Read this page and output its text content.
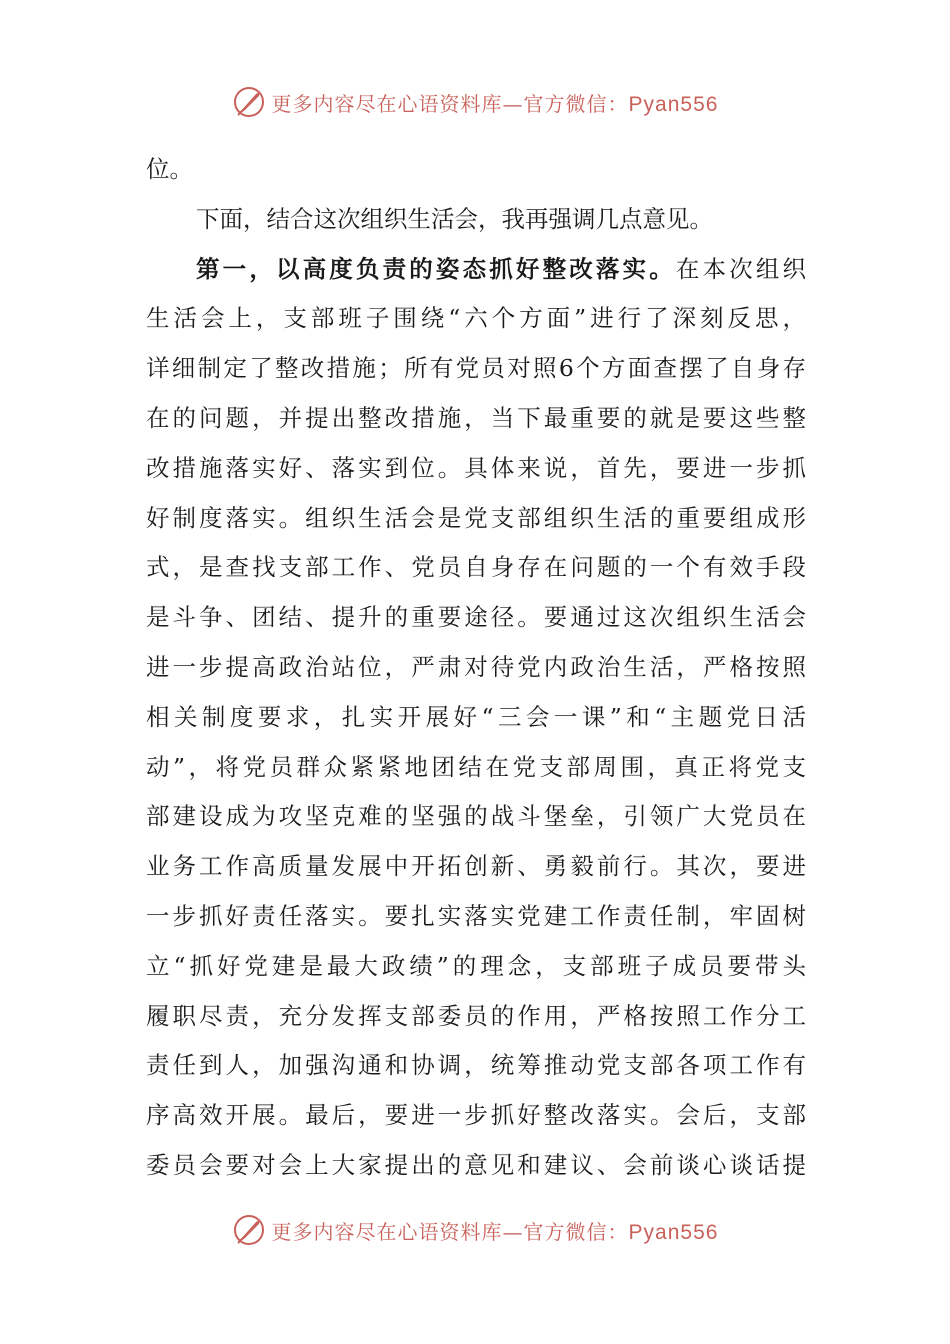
更多内容尽在心语资料库—官方微信：Pyan556
位。
下面，结合这次组织生活会，我再强调几点意见。
第一，以高度负责的姿态抓好整改落实。在本次组织
生活会上，支部班子围绕“六个方面”进行了深刻反思，
详细制定了整改措施；所有党员对照6个方面查摆了自身存
在的问题，并提出整改措施，当下最重要的就是要这些整
改措施落实好、落实到位。具体来说，首先，要进一步抓
好制度落实。组织生活会是党支部组织生活的重要组成形
式，是查找支部工作、党员自身存在问题的一个有效手段
是斗争、团结、提升的重要途径。要通过这次组织生活会
进一步提高政治站位，严肃对待党内政治生活，严格按照
相关制度要求，扎实开展好“三会一课”和“主题党日活
动”，将党员群众紧紧地团结在党支部周围，真正将党支
部建设成为攻坚克难的坚强的战斗堡垒，引领广大党员在
业务工作高质量发展中开拓创新、勇毅前行。其次，要进
一步抓好责任落实。要扎实落实党建工作责任制，牢固树
立“抓好党建是最大政绩”的理念，支部班子成员要带头
履职尽责，充分发挥支部委员的作用，严格按照工作分工
责任到人，加强沟通和协调，统筹推动党支部各项工作有
序高效开展。最后，要进一步抓好整改落实。会后，支部
委员会要对会上大家提出的意见和建议、会前谈心谈话提
更多内容尽在心语资料库—官方微信：Pyan556
